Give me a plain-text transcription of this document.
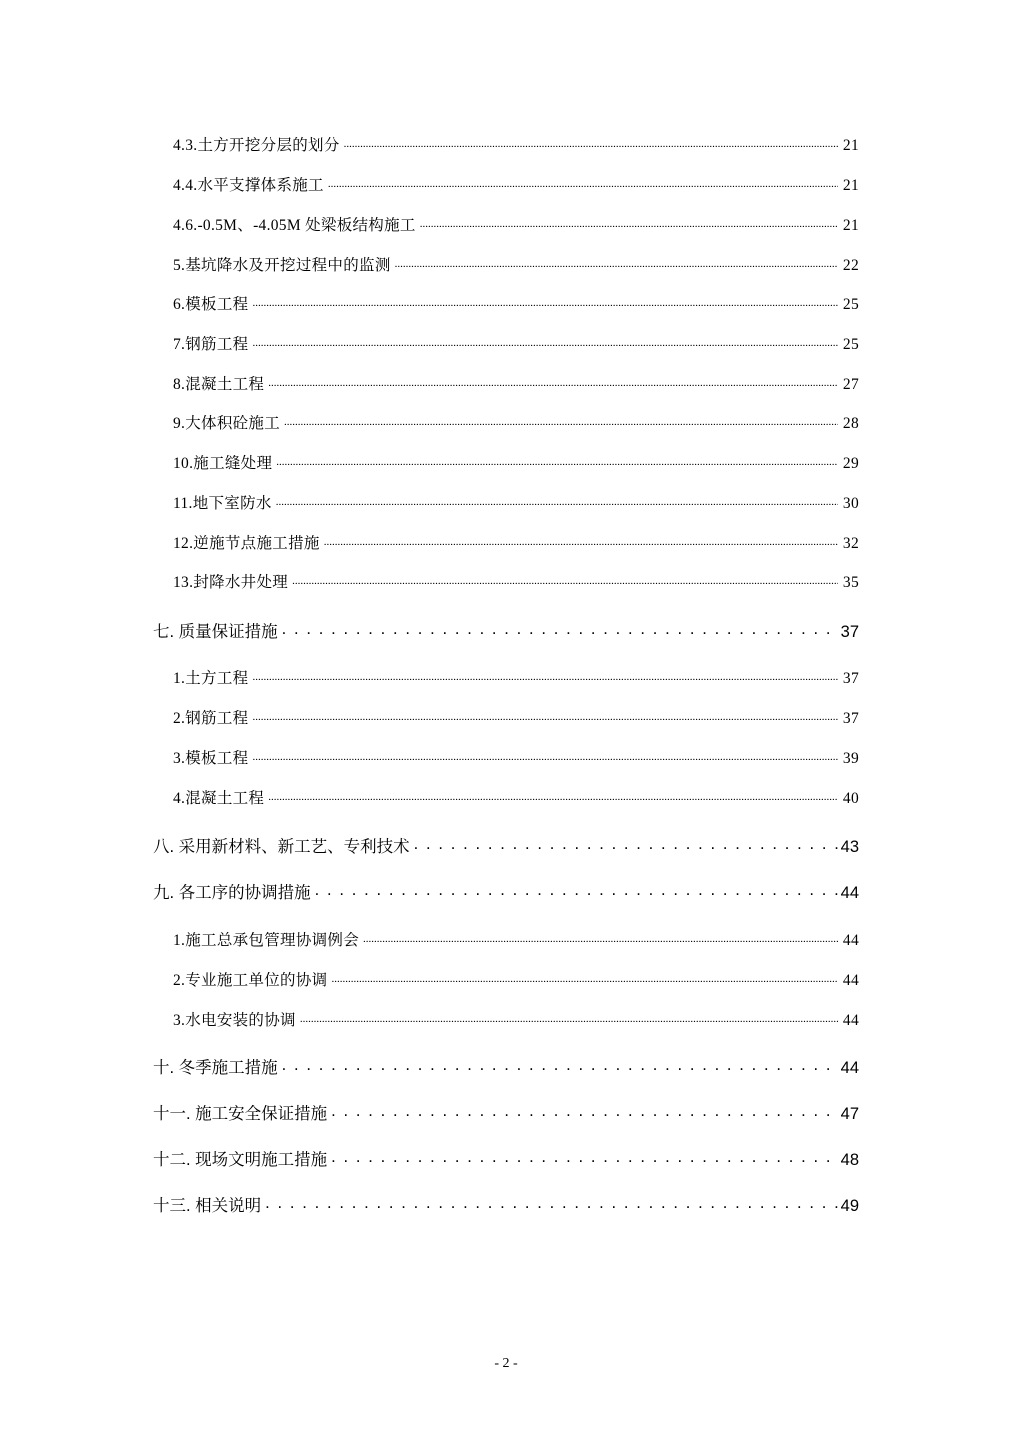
4.3.土方开挖分层的划分 .....	21
4.4.水平支撑体系施工 .....	21
4.6.-0.5M、-4.05M 处梁板结构施工 .....	21
5.基坑降水及开挖过程中的监测 .....	22
6.模板工程 .....	25
7.钢筋工程 .....	25
8.混凝土工程 .....	27
9.大体积砼施工 .....	28
10.施工缝处理 .....	29
11.地下室防水 .....	30
12.逆施节点施工措施 .....	32
13.封降水井处理 .....	35
七. 质量保证措施 . . .	37
1.土方工程 .....	37
2.钢筋工程 .....	37
3.模板工程 .....	39
4.混凝土工程 .....	40
八. 采用新材料、新工艺、专利技术 . . .	43
九. 各工序的协调措施 . . .	44
1.施工总承包管理协调例会 .....	44
2.专业施工单位的协调 .....	44
3.水电安装的协调 .....	44
十. 冬季施工措施 . . .	44
十一. 施工安全保证措施 . . .	47
十二. 现场文明施工措施 . . .	48
十三. 相关说明 . . .	49
- 2 -
